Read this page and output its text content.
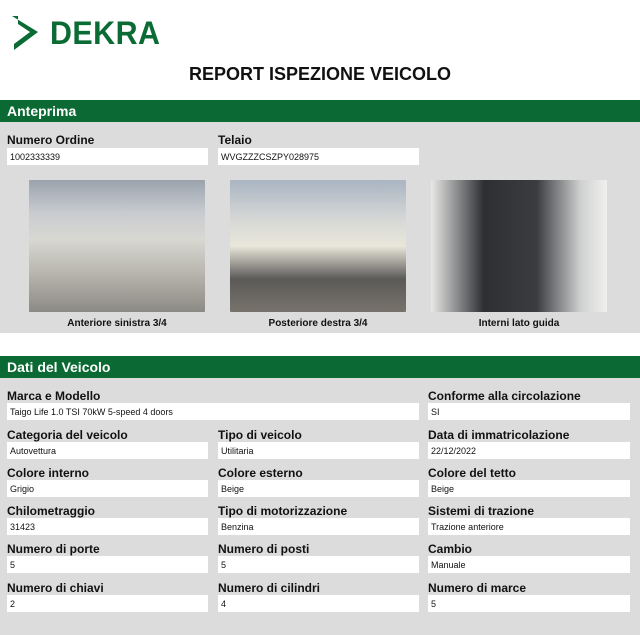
DEKRA
REPORT ISPEZIONE VEICOLO
Anteprima
Numero Ordine
1002333339
Telaio
WVGZZZCSZPY028975
Anteriore sinistra 3/4	Posteriore destra 3/4	Interni lato guida
Dati del Veicolo
Marca e Modello
Taigo Life 1.0 TSI 70kW 5-speed 4 doors
Conforme alla circolazione
SI
Categoria del veicolo
Autovettura
Tipo di veicolo
Utilitaria
Data di immatricolazione
22/12/2022
Colore interno
Grigio
Colore esterno
Beige
Colore del tetto
Beige
Chilometraggio
31423
Tipo di motorizzazione
Benzina
Sistemi di trazione
Trazione anteriore
Numero di porte
5
Numero di posti
5
Cambio
Manuale
Numero di chiavi
2
Numero di cilindri
4
Numero di marce
5
